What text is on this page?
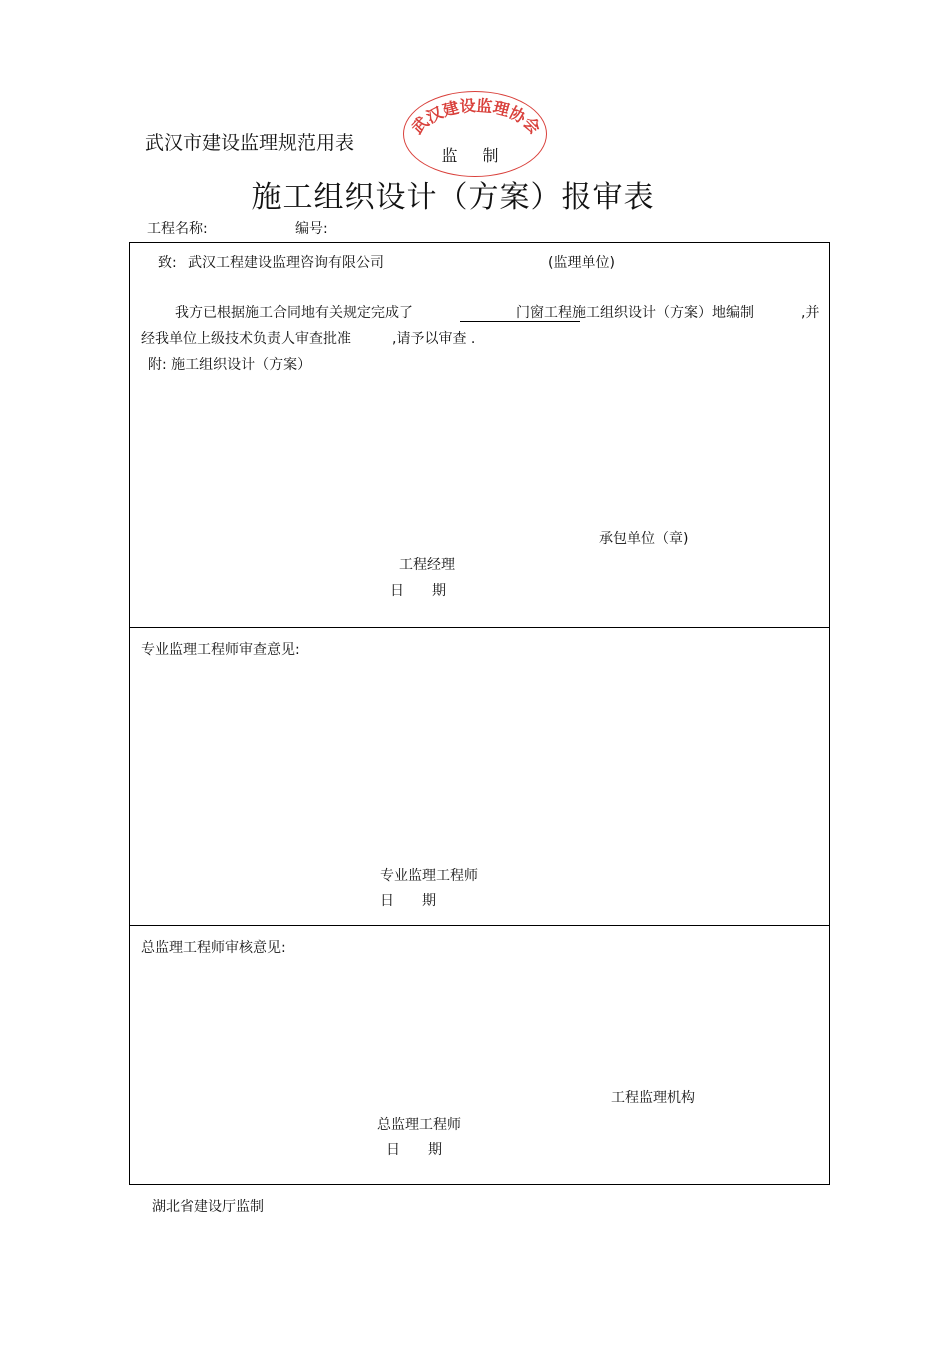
武汉市建设监理规范用表
武汉建设监理协会
监 制
施工组织设计（方案）报审表
工程名称:	编号:
致: 武汉工程建设监理咨询有限公司	(监理单位)
我方已根据施工合同地有关规定完成了	门窗工程施工组织设计（方案）地编制	,并
经我单位上级技术负责人审查批准	,请予以审查 .
附: 施工组织设计（方案）
承包单位（章)
工程经理
日　　期
专业监理工程师审查意见:
专业监理工程师
日　　期
总监理工程师审核意见:
工程监理机构
总监理工程师
日　　期
湖北省建设厅监制
